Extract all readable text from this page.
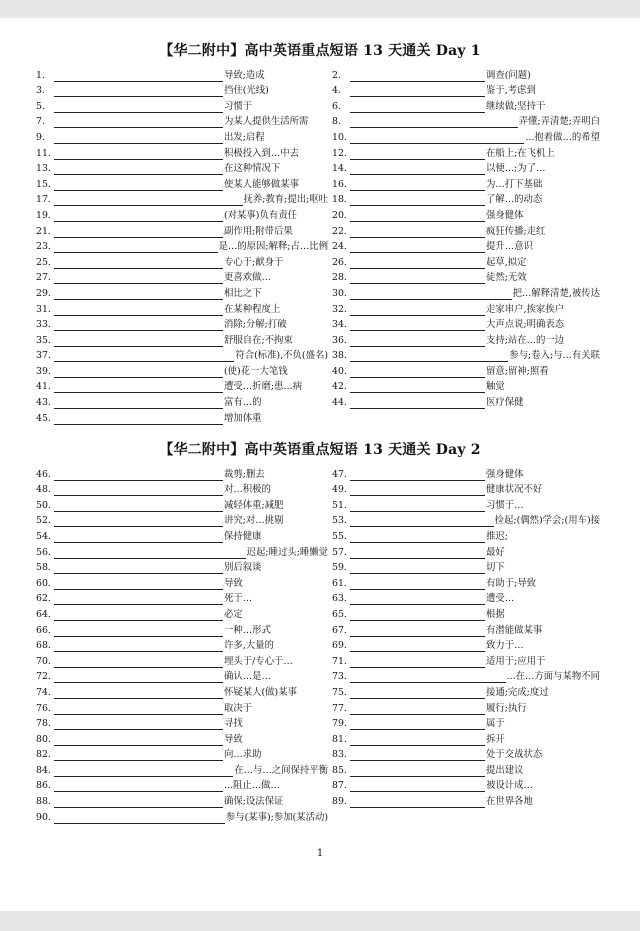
【华二附中】高中英语重点短语 13 天通关 Day 1
1.	导致;造成	2.	调查(问题)
3.	挡住(光线)	4.	鉴于,考虑到
5.	习惯于	6.	继续做;坚持干
7.	为某人提供生活所需	8.	弄懂;弄清楚;弄明白
9.	出发;启程	10.	...抱着做…的希望
11.	积极投入到…中去	12.	在船上;在飞机上
13.	在这种情况下	14.	以便…;为了…
15.	使某人能够做某事	16.	为…打下基础
17.	抚养;教育;提出;呕吐 18.	了解…的动态
19.	(对某事)负有责任	20.	强身健体
21.	副作用;附带后果	22.	疯狂传播;走红
23.	是…的原因;解释;占…比例 24.	提升…意识
25.	专心于;献身于	26.	起草,拟定
27.	更喜欢做…	28.	徒然;无效
29.	相比之下	30.	把…解释清楚,被传达
31.	在某种程度上	32.	走家串户,挨家挨户
33.	消除;分解;打破	34.	大声点说;明确表态
35.	舒服自在;不拘束	36.	支持;站在…的一边
37.	符合(标准),不负(盛名) 38.	参与;卷入;与…有关联
39.	(使)花一大笔钱	40.	留意;留神;照看
41.	遭受…折磨;患…病	42.	触觉
43.	富有…的	44.	医疗保健
45.	增加体重
【华二附中】高中英语重点短语 13 天通关 Day 2
46.	裁剪;删去	47.	强身健体
48.	对…积极的	49.	健康状况不好
50.	减轻体重;减肥	51.	习惯于…
52.	讲究;对…挑剔	53.	捡起;(偶然)学会;(用车)接
54.	保持健康	55.	推迟;
56.	迟起;睡过头;睡懒觉 57.	最好
58.	别后叙谈	59.	切下
60.	导致	61.	有助于;导致
62.	死于…	63.	遭受…
64.	必定	65.	根据
66.	一种…形式	67.	有潜能做某事
68.	许多,大量的	69.	致力于…
70.	埋头于/专心于…	71.	适用于;应用于
72.	确认…是…	73.	...在…方面与某物不同
74.	怀疑某人(做)某事	75.	接通;完成;度过
76.	取决于	77.	履行;执行
78.	寻找	79.	属于
80.	导致	81.	拆开
82.	向…求助	83.	处于交战状态
84.	在…与…之间保持平衡 85.	提出建议
86.	...阻止…做…	87.	被设计成…
88.	确保;设法保证	89.	在世界各地
90.	参与(某事);参加(某活动)
1
